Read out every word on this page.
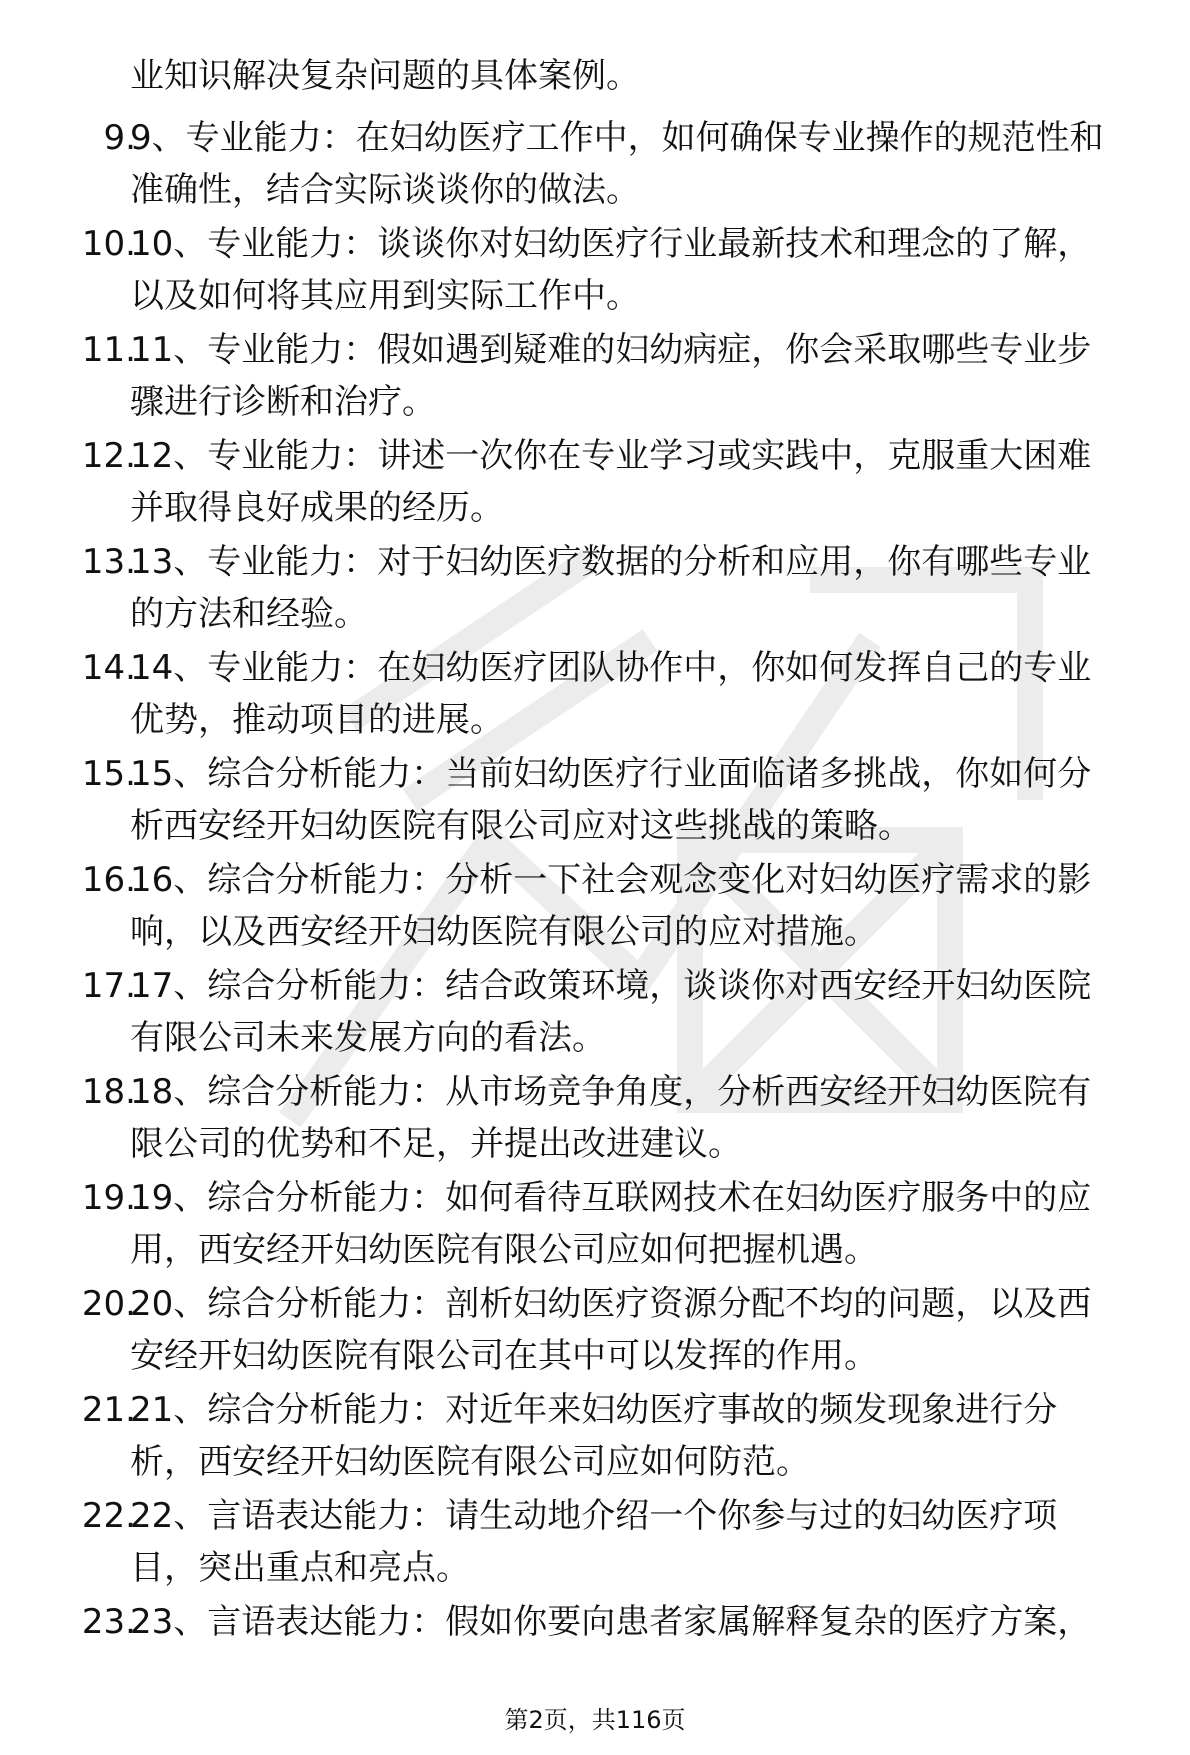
业知识解决复杂问题的具体案例。
9.
9、专业能力：在妇幼医疗工作中，如何确保专业操作的规范性和
准确性，结合实际谈谈你的做法。
10.
10、专业能力：谈谈你对妇幼医疗行业最新技术和理念的了解，
以及如何将其应用到实际工作中。
11.
11、专业能力：假如遇到疑难的妇幼病症，你会采取哪些专业步
骤进行诊断和治疗。
12.
12、专业能力：讲述一次你在专业学习或实践中，克服重大困难
并取得良好成果的经历。
13.
13、专业能力：对于妇幼医疗数据的分析和应用，你有哪些专业
的方法和经验。
14.
14、专业能力：在妇幼医疗团队协作中，你如何发挥自己的专业
优势，推动项目的进展。
15.
15、综合分析能力：当前妇幼医疗行业面临诸多挑战，你如何分
析西安经开妇幼医院有限公司应对这些挑战的策略。
16.
16、综合分析能力：分析一下社会观念变化对妇幼医疗需求的影
响，以及西安经开妇幼医院有限公司的应对措施。
17.
17、综合分析能力：结合政策环境，谈谈你对西安经开妇幼医院
有限公司未来发展方向的看法。
18.
18、综合分析能力：从市场竞争角度，分析西安经开妇幼医院有
限公司的优势和不足，并提出改进建议。
19.
19、综合分析能力：如何看待互联网技术在妇幼医疗服务中的应
用，西安经开妇幼医院有限公司应如何把握机遇。
20.
20、综合分析能力：剖析妇幼医疗资源分配不均的问题，以及西
安经开妇幼医院有限公司在其中可以发挥的作用。
21.
21、综合分析能力：对近年来妇幼医疗事故的频发现象进行分
析，西安经开妇幼医院有限公司应如何防范。
22.
22、言语表达能力：请生动地介绍一个你参与过的妇幼医疗项
目，突出重点和亮点。
23.
23、言语表达能力：假如你要向患者家属解释复杂的医疗方案，
第2页，共116页
